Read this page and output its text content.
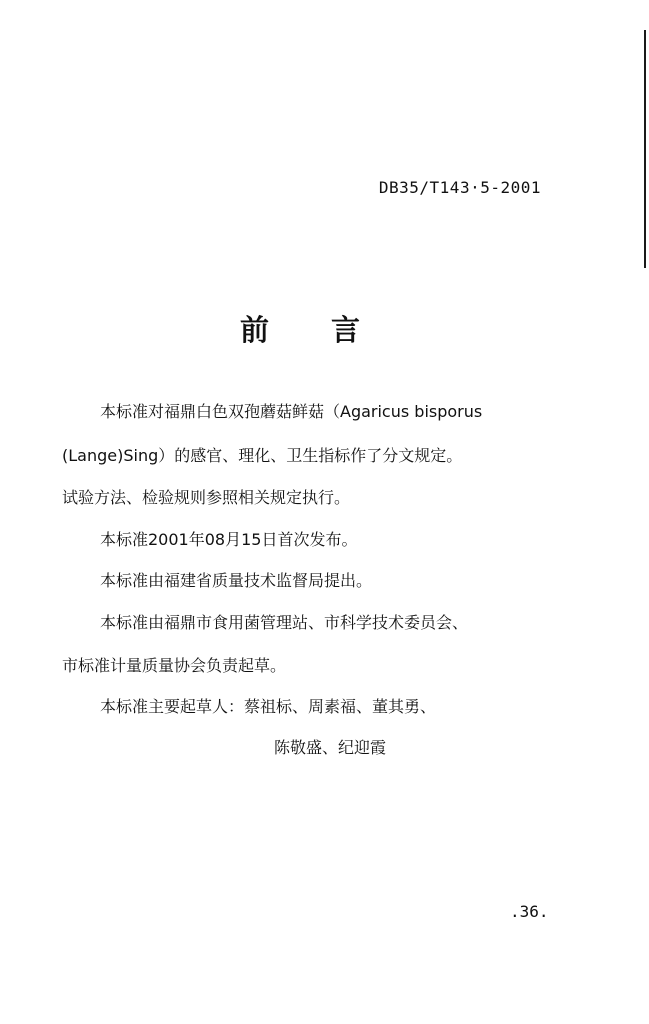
DB35/T143·5-2001
前言
本标准对福鼎白色双孢蘑菇鲜菇（Agaricus bisporus
(Lange)Sing）的感官、理化、卫生指标作了分文规定。
试验方法、检验规则参照相关规定执行。
本标准2001年08月15日首次发布。
本标准由福建省质量技术监督局提出。
本标准由福鼎市食用菌管理站、市科学技术委员会、
市标准计量质量协会负责起草。
本标准主要起草人：蔡祖标、周素福、董其勇、
陈敬盛、纪迎霞
.36.
